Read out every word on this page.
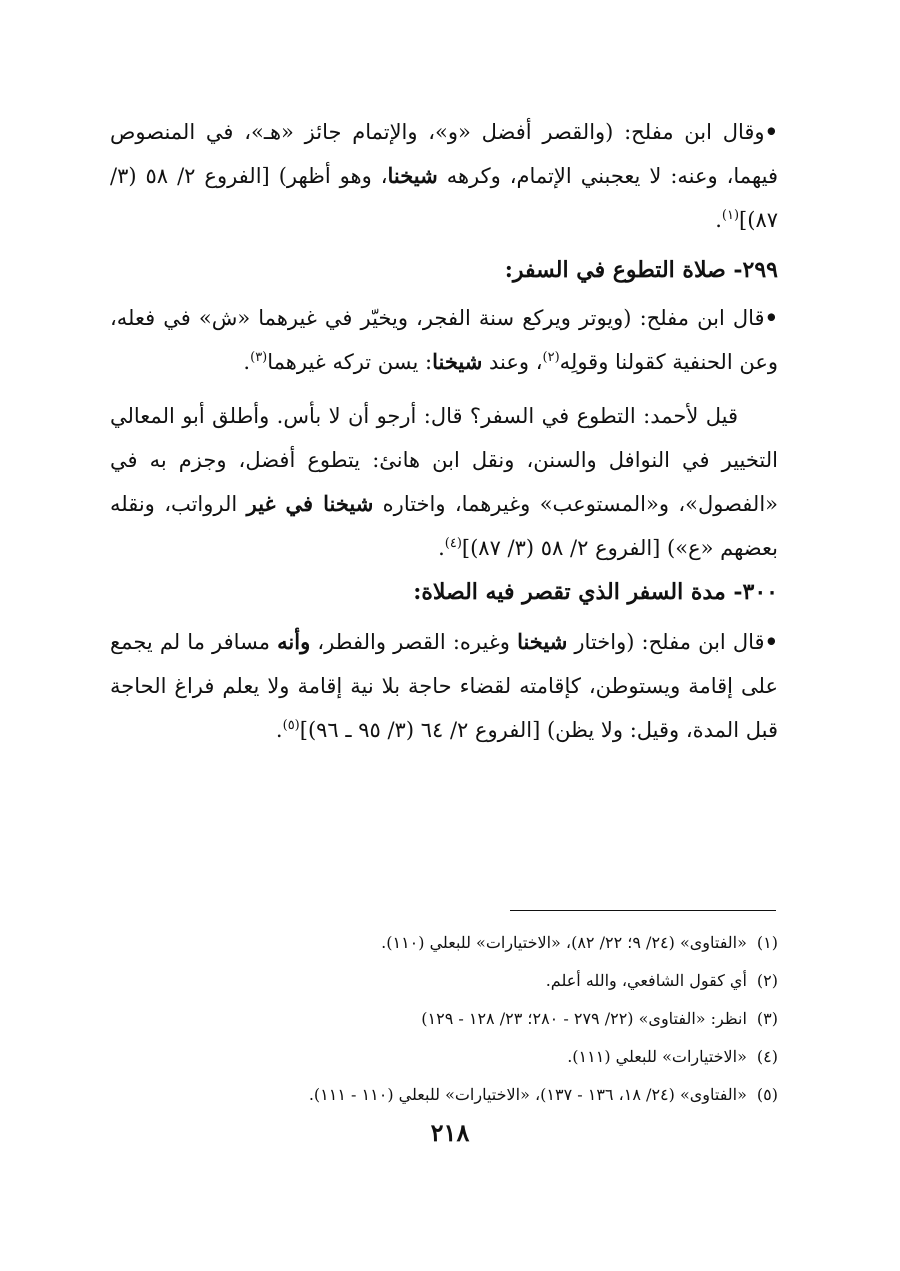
•وقال ابن مفلح: (والقصر أفضل «و»، والإتمام جائز «هـ»، في المنصوص فيهما، وعنه: لا يعجبني الإتمام، وكرهه شيخنا، وهو أظهر) [الفروع ٢/ ٥٨ (٣/ ٨٧)]$^{(١)}$.

٢٩٩- صلاة التطوع في السفر:

•قال ابن مفلح: (ويوتر ويركع سنة الفجر، ويخيّر في غيرهما «ش» في فعله، وعن الحنفية كقولنا وقولِه$^{(٢)}$، وعند شيخنا: يسن تركه غيرهما$^{(٣)}$.

قيل لأحمد: التطوع في السفر؟ قال: أرجو أن لا بأس. وأطلق أبو المعالي التخيير في النوافل والسنن، ونقل ابن هانئ: يتطوع أفضل، وجزم به في «الفصول»، و«المستوعب» وغيرهما، واختاره شيخنا في غير الرواتب، ونقله بعضهم «ع») [الفروع ٢/ ٥٨ (٣/ ٨٧)]$^{(٤)}$.

٣٠٠- مدة السفر الذي تقصر فيه الصلاة:

•قال ابن مفلح: (واختار شيخنا وغيره: القصر والفطر، وأنه مسافر ما لم يجمع على إقامة ويستوطن، كإقامته لقضاء حاجة بلا نية إقامة ولا يعلم فراغ الحاجة قبل المدة، وقيل: ولا يظن) [الفروع ٢/ ٦٤ (٣/ ٩٥ ـ ٩٦)]$^{(٥)}$.

(١)«الفتاوى» (٢٤/ ٩؛ ٢٢/ ٨٢)، «الاختيارات» للبعلي (١١٠).

(٢)أي كقول الشافعي، والله أعلم.

(٣)انظر: «الفتاوى» (٢٢/ ٢٧٩ - ٢٨٠؛ ٢٣/ ١٢٨ - ١٢٩)

(٤)«الاختيارات» للبعلي (١١١).

(٥)«الفتاوى» (٢٤/ ١٨، ١٣٦ - ١٣٧)، «الاختيارات» للبعلي (١١٠ - ١١١).

٢١٨
